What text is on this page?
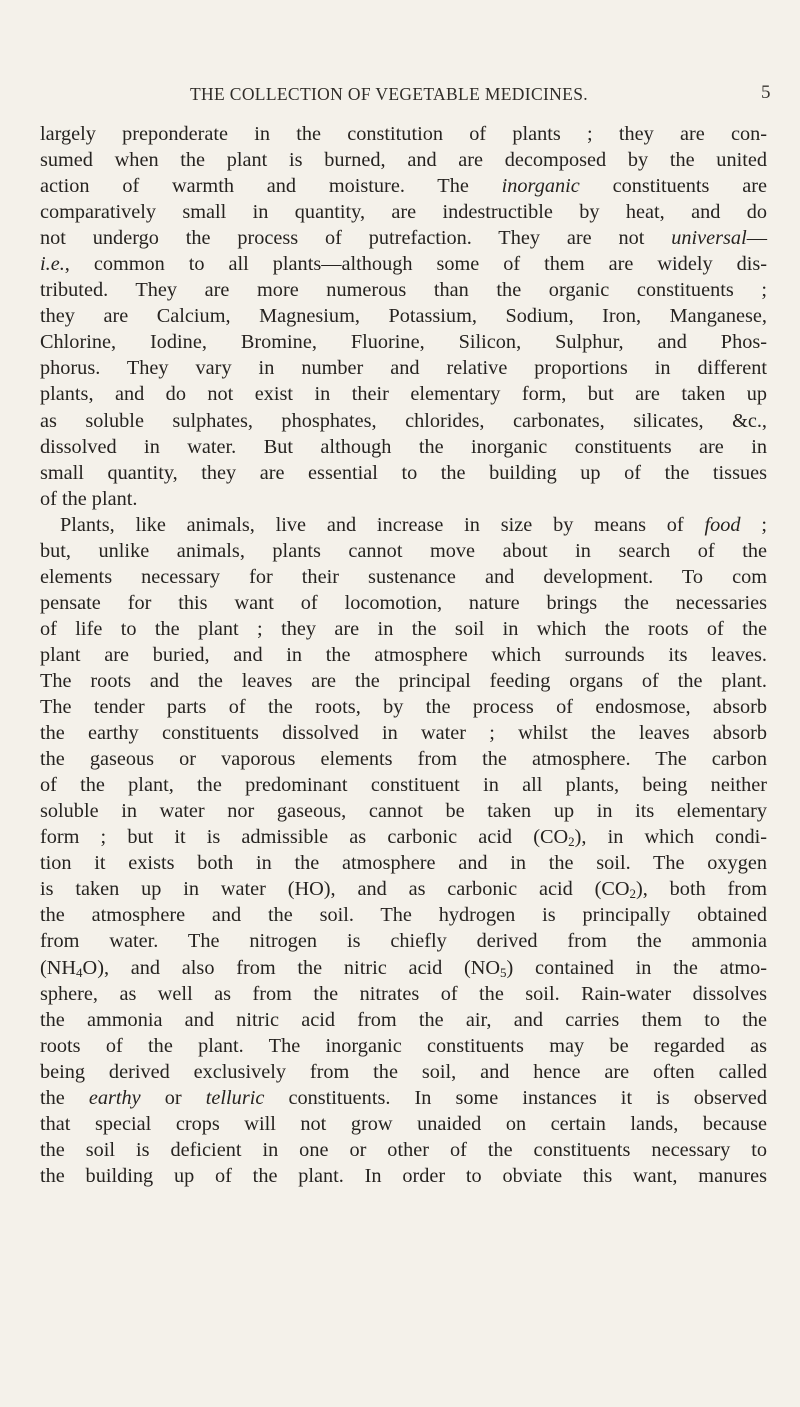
THE COLLECTION OF VEGETABLE MEDICINES.	5
largely preponderate in the constitution of plants ; they are con-
sumed when the plant is burned, and are decomposed by the united
action of warmth and moisture. The inorganic constituents are
comparatively small in quantity, are indestructible by heat, and do
not undergo the process of putrefaction. They are not universal—
i.e., common to all plants—although some of them are widely dis-
tributed. They are more numerous than the organic constituents ;
they are Calcium, Magnesium, Potassium, Sodium, Iron, Manganese,
Chlorine, Iodine, Bromine, Fluorine, Silicon, Sulphur, and Phos-
phorus. They vary in number and relative proportions in different
plants, and do not exist in their elementary form, but are taken up
as soluble sulphates, phosphates, chlorides, carbonates, silicates, &c.,
dissolved in water. But although the inorganic constituents are in
small quantity, they are essential to the building up of the tissues
of the plant.
Plants, like animals, live and increase in size by means of food ;
but, unlike animals, plants cannot move about in search of the
elements necessary for their sustenance and development. To com
pensate for this want of locomotion, nature brings the necessaries
of life to the plant ; they are in the soil in which the roots of the
plant are buried, and in the atmosphere which surrounds its leaves.
The roots and the leaves are the principal feeding organs of the plant.
The tender parts of the roots, by the process of endosmose, absorb
the earthy constituents dissolved in water ; whilst the leaves absorb
the gaseous or vaporous elements from the atmosphere. The carbon
of the plant, the predominant constituent in all plants, being neither
soluble in water nor gaseous, cannot be taken up in its elementary
form ; but it is admissible as carbonic acid $(CO_2)$, in which condi-
tion it exists both in the atmosphere and in the soil. The oxygen
is taken up in water (HO), and as carbonic acid $(CO_2)$, both from
the atmosphere and the soil. The hydrogen is principally obtained
from water. The nitrogen is chiefly derived from the ammonia
$(NH_4O)$, and also from the nitric acid $(NO_5)$ contained in the atmo-
sphere, as well as from the nitrates of the soil. Rain-water dissolves
the ammonia and nitric acid from the air, and carries them to the
roots of the plant. The inorganic constituents may be regarded as
being derived exclusively from the soil, and hence are often called
the earthy or telluric constituents. In some instances it is observed
that special crops will not grow unaided on certain lands, because
the soil is deficient in one or other of the constituents necessary to
the building up of the plant. In order to obviate this want, manures
